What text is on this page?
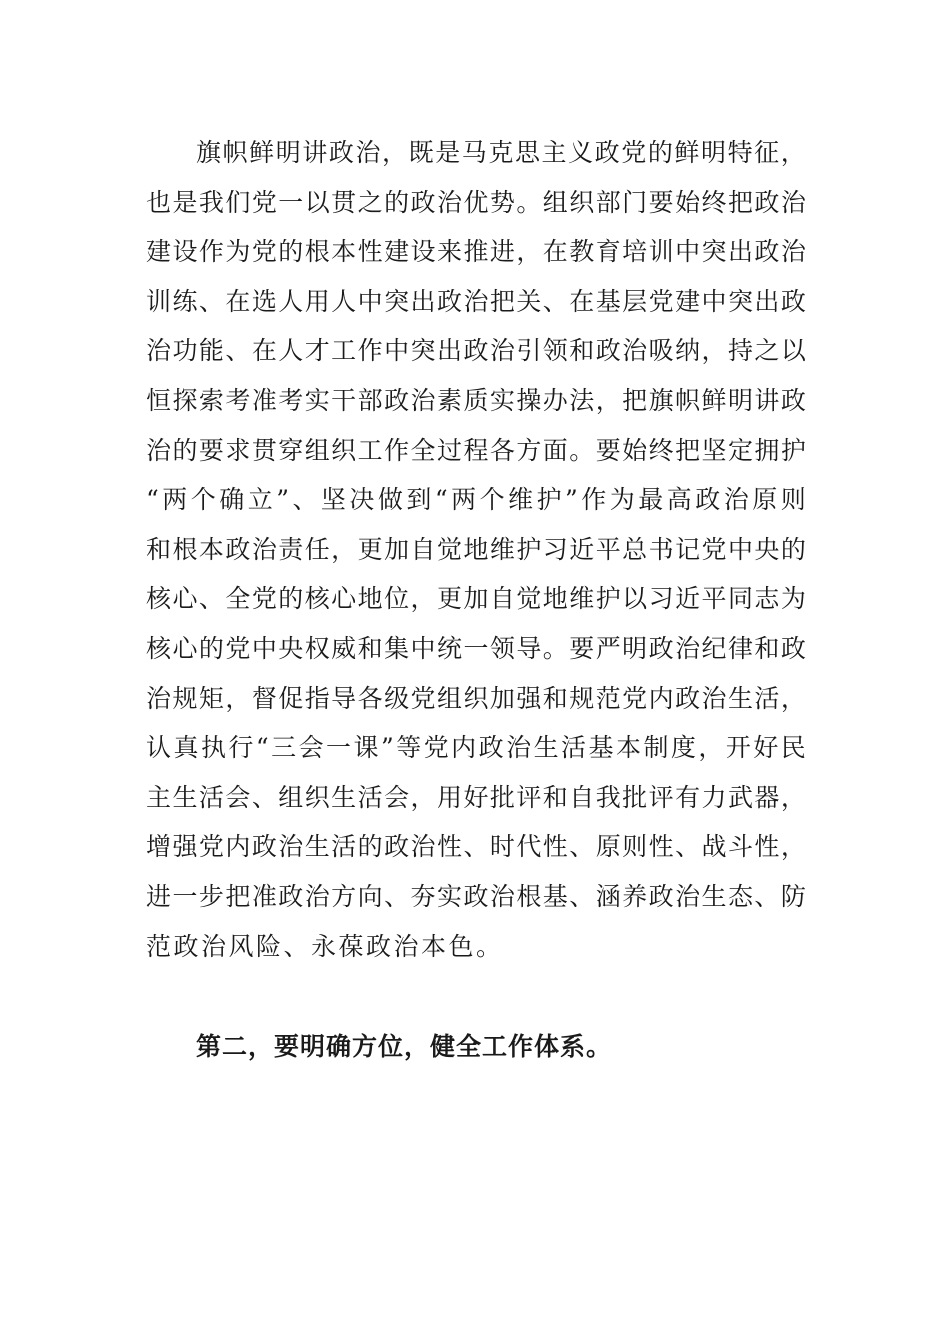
旗 帜 鲜 明 讲 政 治 ， 既 是 马 克 思 主 义 政 党 的 鲜 明 特 征 ，
也 是 我 们 党 一 以 贯 之 的 政 治 优 势 。 组 织 部 门 要 始 终 把 政 治
建 设 作 为 党 的 根 本 性 建 设 来 推 进 ， 在 教 育 培 训 中 突 出 政 治
训 练 、 在 选 人 用 人 中 突 出 政 治 把 关 、 在 基 层 党 建 中 突 出 政
治 功 能 、 在 人 才 工 作 中 突 出 政 治 引 领 和 政 治 吸 纳 ， 持 之 以
恒 探 索 考 准 考 实 干 部 政 治 素 质 实 操 办 法 ， 把 旗 帜 鲜 明 讲 政
治 的 要 求 贯 穿 组 织 工 作 全 过 程 各 方 面 。 要 始 终 把 坚 定 拥 护
“ 两 个 确 立 ” 、 坚 决 做 到 “ 两 个 维 护 ” 作 为 最 高 政 治 原 则
和 根 本 政 治 责 任 ， 更 加 自 觉 地 维 护 习 近 平 总 书 记 党 中 央 的
核 心 、 全 党 的 核 心 地 位 ， 更 加 自 觉 地 维 护 以 习 近 平 同 志 为
核 心 的 党 中 央 权 威 和 集 中 统 一 领 导 。 要 严 明 政 治 纪 律 和 政
治 规 矩 ， 督 促 指 导 各 级 党 组 织 加 强 和 规 范 党 内 政 治 生 活 ，
认 真 执 行 “ 三 会 一 课 ” 等 党 内 政 治 生 活 基 本 制 度 ， 开 好 民
主 生 活 会 、 组 织 生 活 会 ， 用 好 批 评 和 自 我 批 评 有 力 武 器 ，
增 强 党 内 政 治 生 活 的 政 治 性 、 时 代 性 、 原 则 性 、 战 斗 性 ，
进 一 步 把 准 政 治 方 向 、 夯 实 政 治 根 基 、 涵 养 政 治 生 态 、 防
范政治风险、永葆政治本色。
第二，要明确方位，健全工作体系。
